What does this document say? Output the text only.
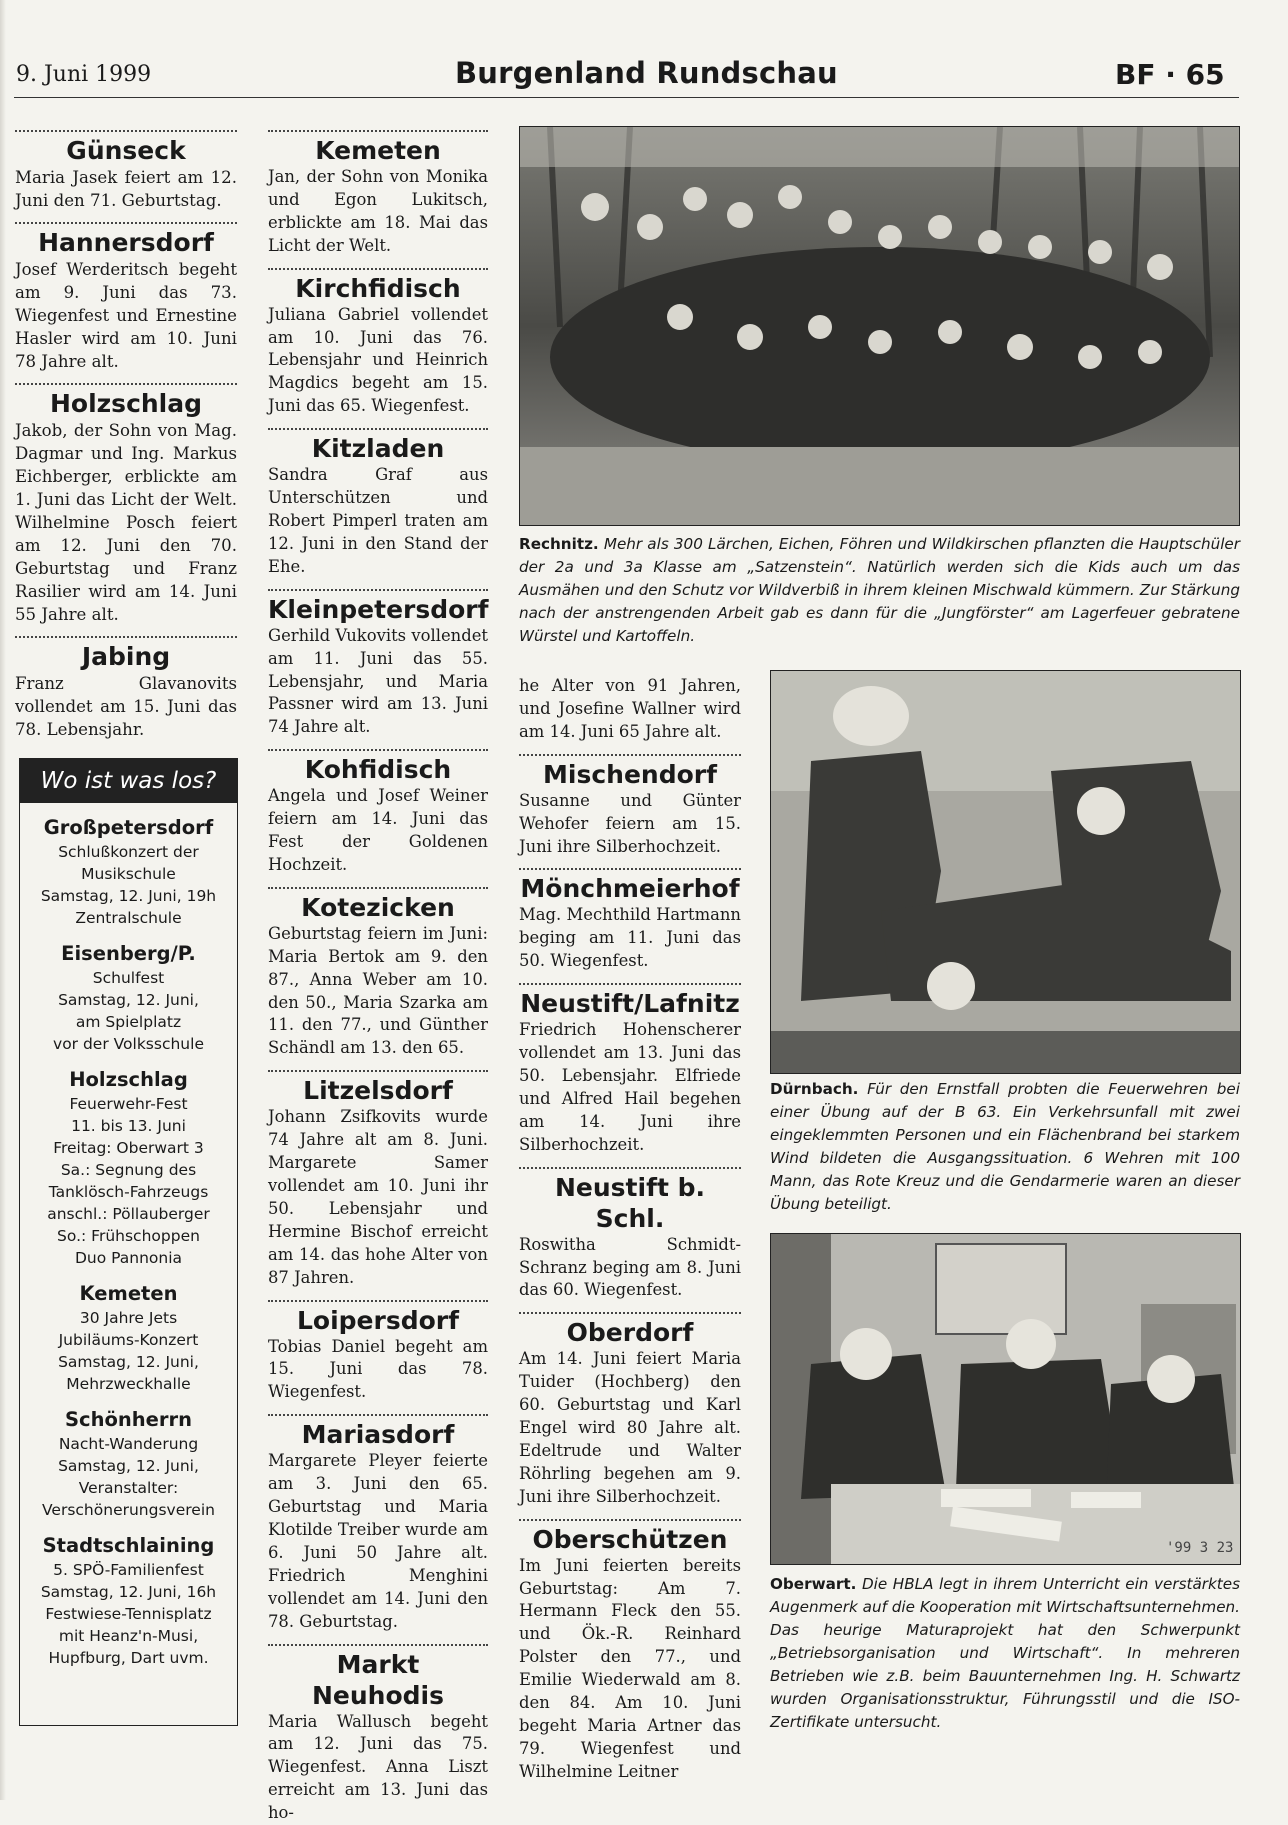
9. Juni 1999	Burgenland Rundschau	BF · 65
Günseck
Maria Jasek feiert am 12. Juni den 71. Geburtstag.
Hannersdorf
Josef Werderitsch begeht am 9. Juni das 73. Wiegenfest und Ernestine Hasler wird am 10. Juni 78 Jahre alt.
Holzschlag
Jakob, der Sohn von Mag. Dagmar und Ing. Markus Eichberger, erblickte am 1. Juni das Licht der Welt. Wilhelmine Posch feiert am 12. Juni den 70. Geburtstag und Franz Rasilier wird am 14. Juni 55 Jahre alt.
Jabing
Franz Glavanovits vollendet am 15. Juni das 78. Lebensjahr.
Wo ist was los?
Großpetersdorf
Schlußkonzert der
Musikschule
Samstag, 12. Juni, 19h
Zentralschule
Eisenberg/P.
Schulfest
Samstag, 12. Juni,
am Spielplatz
vor der Volksschule
Holzschlag
Feuerwehr-Fest
11. bis 13. Juni
Freitag: Oberwart 3
Sa.: Segnung des
Tanklösch-Fahrzeugs
anschl.: Pöllauberger
So.: Frühschoppen
Duo Pannonia
Kemeten
30 Jahre Jets
Jubiläums-Konzert
Samstag, 12. Juni,
Mehrzweckhalle
Schönherrn
Nacht-Wanderung
Samstag, 12. Juni,
Veranstalter:
Verschönerungsverein
Stadtschlaining
5. SPÖ-Familienfest
Samstag, 12. Juni, 16h
Festwiese-Tennisplatz
mit Heanz'n-Musi,
Hupfburg, Dart uvm.
Kemeten
Jan, der Sohn von Monika und Egon Lukitsch, erblickte am 18. Mai das Licht der Welt.
Kirchfidisch
Juliana Gabriel vollendet am 10. Juni das 76. Lebensjahr und Heinrich Magdics begeht am 15. Juni das 65. Wiegenfest.
Kitzladen
Sandra Graf aus Unterschützen und Robert Pimperl traten am 12. Juni in den Stand der Ehe.
Kleinpetersdorf
Gerhild Vukovits vollendet am 11. Juni das 55. Lebensjahr, und Maria Passner wird am 13. Juni 74 Jahre alt.
Kohfidisch
Angela und Josef Weiner feiern am 14. Juni das Fest der Goldenen Hochzeit.
Kotezicken
Geburtstag feiern im Juni: Maria Bertok am 9. den 87., Anna Weber am 10. den 50., Maria Szarka am 11. den 77., und Günther Schändl am 13. den 65.
Litzelsdorf
Johann Zsifkovits wurde 74 Jahre alt am 8. Juni. Margarete Samer vollendet am 10. Juni ihr 50. Lebensjahr und Hermine Bischof erreicht am 14. das hohe Alter von 87 Jahren.
Loipersdorf
Tobias Daniel begeht am 15. Juni das 78. Wiegenfest.
Mariasdorf
Margarete Pleyer feierte am 3. Juni den 65. Geburtstag und Maria Klotilde Treiber wurde am 6. Juni 50 Jahre alt. Friedrich Menghini vollendet am 14. Juni den 78. Geburtstag.
Markt Neuhodis
Maria Wallusch begeht am 12. Juni das 75. Wiegenfest. Anna Liszt erreicht am 13. Juni das ho-
Rechnitz. Mehr als 300 Lärchen, Eichen, Föhren und Wildkirschen pflanzten die Hauptschüler der 2a und 3a Klasse am „Satzenstein“. Natürlich werden sich die Kids auch um das Ausmähen und den Schutz vor Wildverbiß in ihrem kleinen Mischwald kümmern. Zur Stärkung nach der anstrengenden Arbeit gab es dann für die „Jungförster“ am Lagerfeuer gebratene Würstel und Kartoffeln.
he Alter von 91 Jahren, und Josefine Wallner wird am 14. Juni 65 Jahre alt.
Mischendorf
Susanne und Günter Wehofer feiern am 15. Juni ihre Silberhochzeit.
Mönchmeierhof
Mag. Mechthild Hartmann beging am 11. Juni das 50. Wiegenfest.
Neustift/Lafnitz
Friedrich Hohenscherer vollendet am 13. Juni das 50. Lebensjahr. Elfriede und Alfred Hail begehen am 14. Juni ihre Silberhochzeit.
Neustift b. Schl.
Roswitha Schmidt-Schranz beging am 8. Juni das 60. Wiegenfest.
Oberdorf
Am 14. Juni feiert Maria Tuider (Hochberg) den 60. Geburtstag und Karl Engel wird 80 Jahre alt. Edeltrude und Walter Röhrling begehen am 9. Juni ihre Silberhochzeit.
Oberschützen
Im Juni feierten bereits Geburtstag: Am 7. Hermann Fleck den 55. und Ök.-R. Reinhard Polster den 77., und Emilie Wiederwald am 8. den 84. Am 10. Juni begeht Maria Artner das 79. Wiegenfest und Wilhelmine Leitner
Dürnbach. Für den Ernstfall probten die Feuerwehren bei einer Übung auf der B 63. Ein Verkehrsunfall mit zwei eingeklemmten Personen und ein Flächenbrand bei starkem Wind bildeten die Ausgangssituation. 6 Wehren mit 100 Mann, das Rote Kreuz und die Gendarmerie waren an dieser Übung beteiligt.
'99 3 23
Oberwart. Die HBLA legt in ihrem Unterricht ein verstärktes Augenmerk auf die Kooperation mit Wirtschaftsunternehmen. Das heurige Maturaprojekt hat den Schwerpunkt „Betriebsorganisation und Wirtschaft“. In mehreren Betrieben wie z.B. beim Bauunternehmen Ing. H. Schwartz wurden Organisationsstruktur, Führungsstil und die ISO-Zertifikate untersucht.
